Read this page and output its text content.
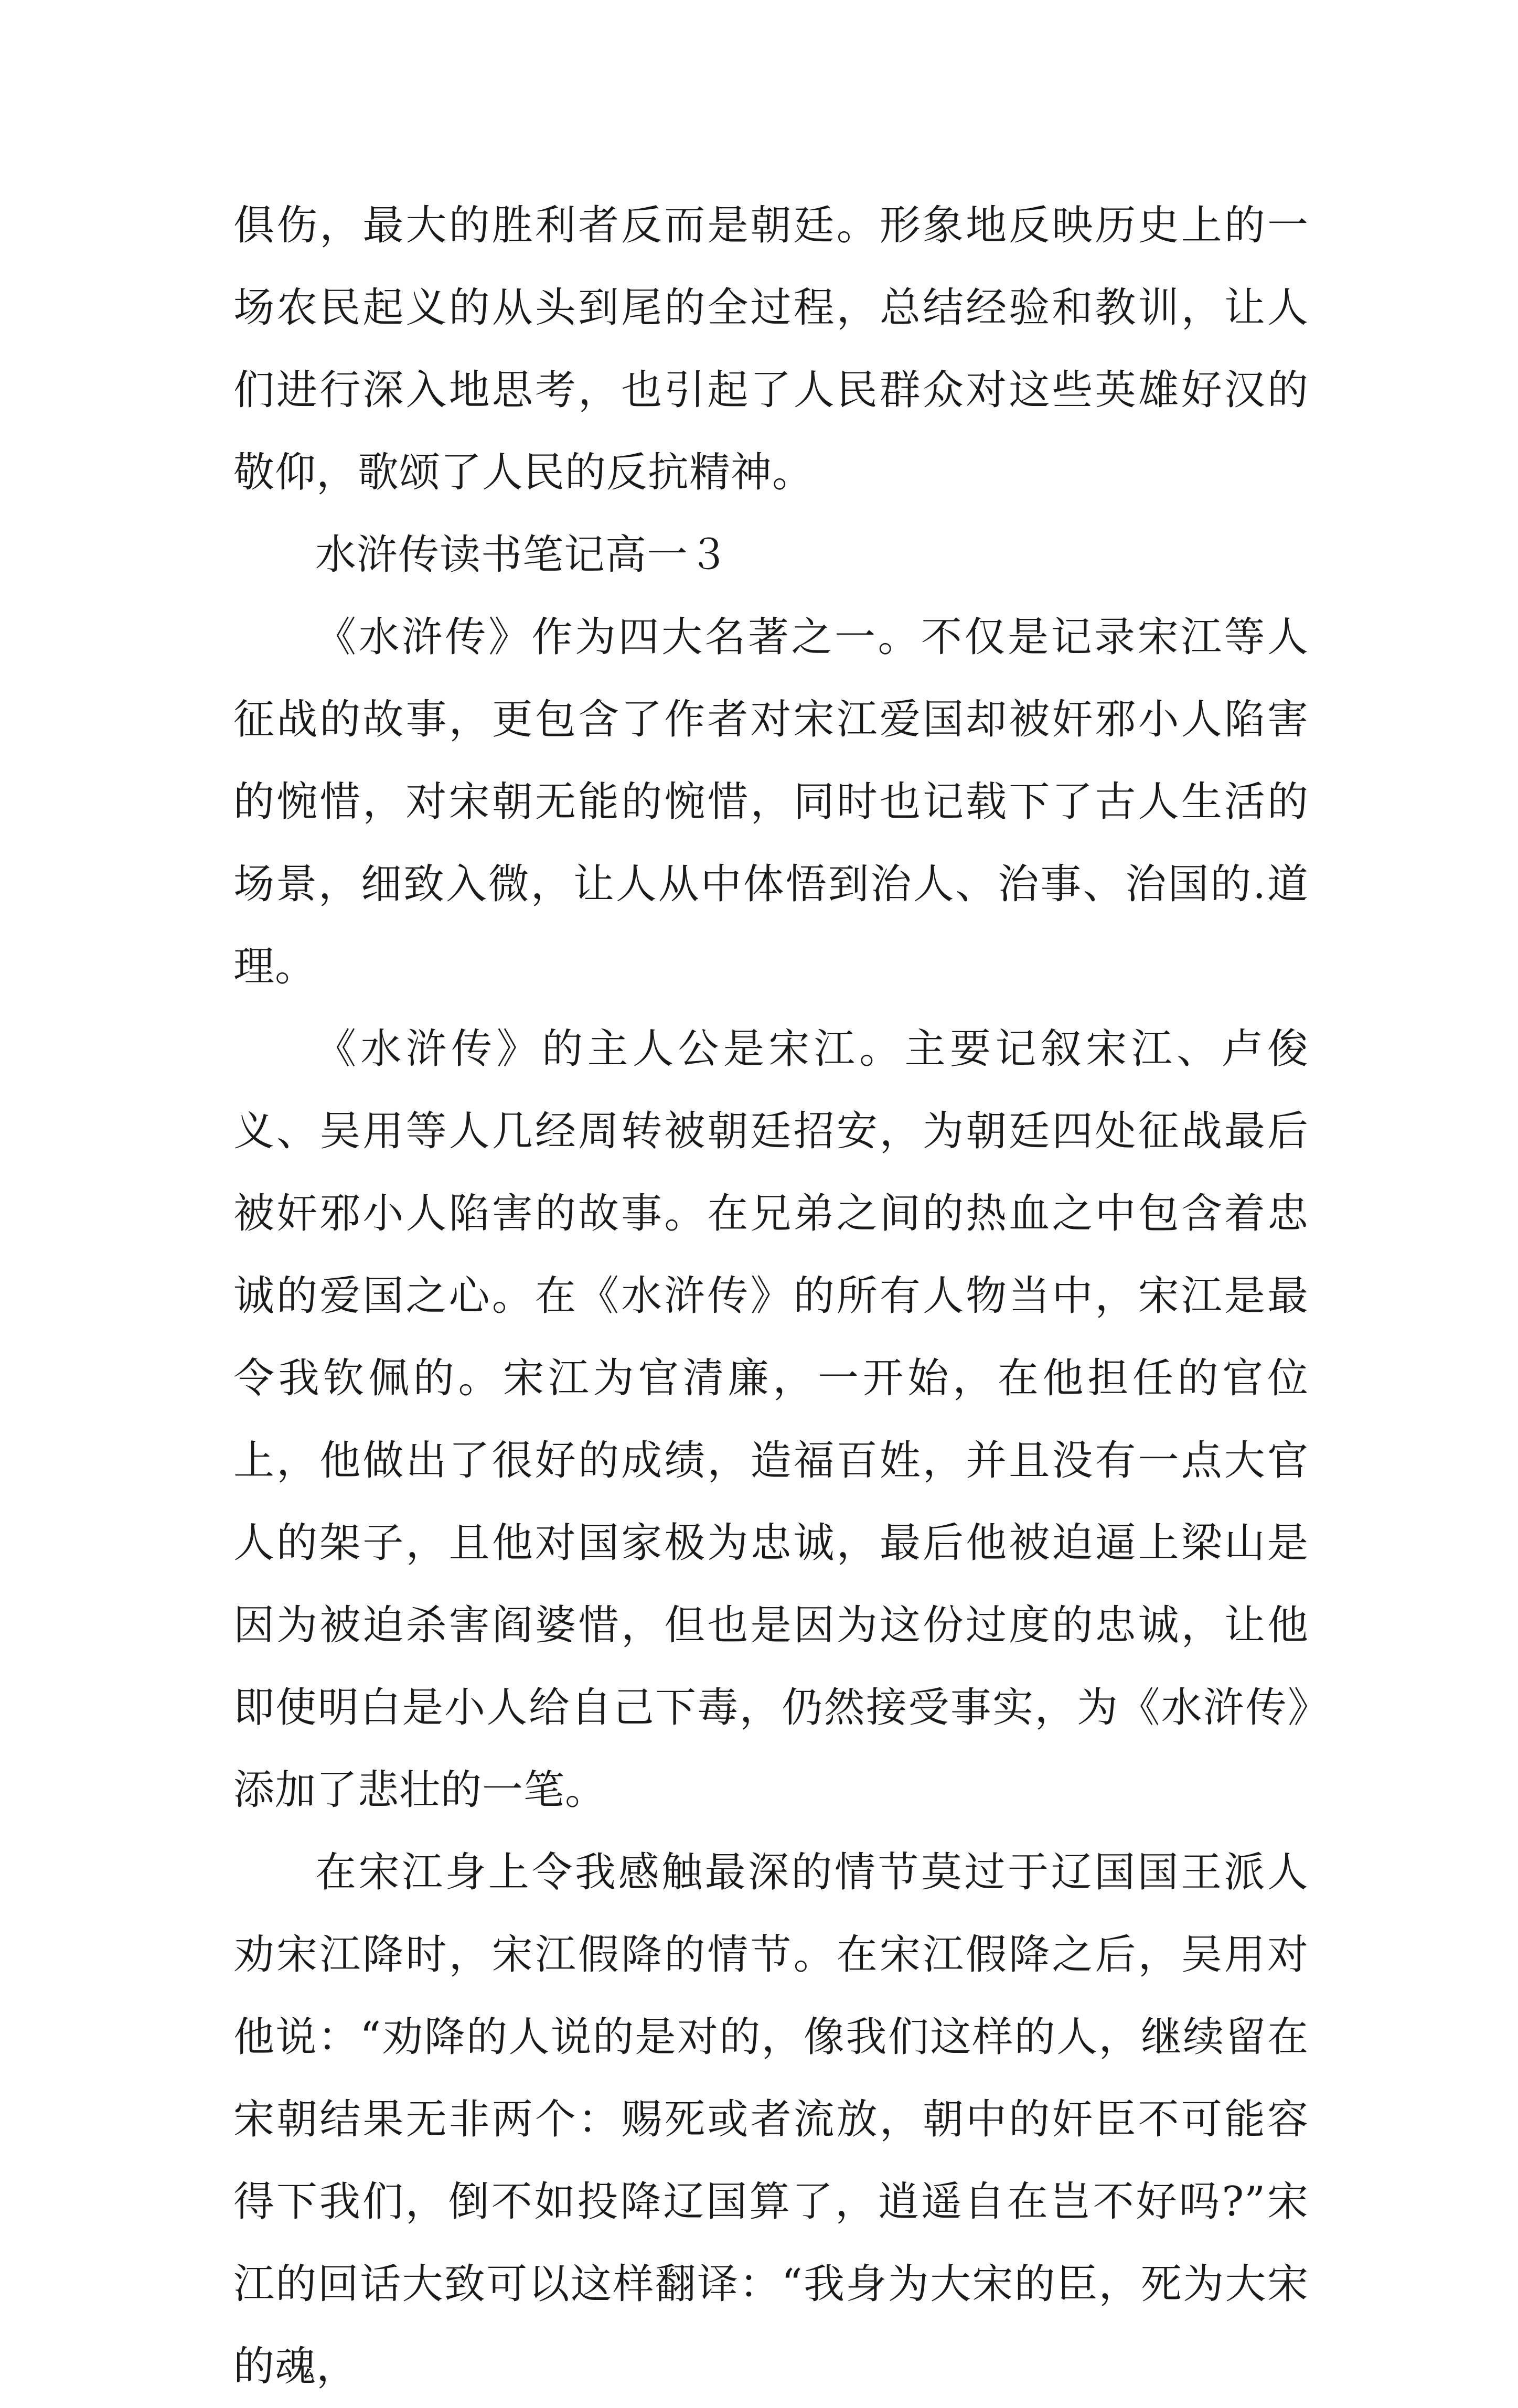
俱伤，最大的胜利者反而是朝廷。形象地反映历史上的一场农民起义的从头到尾的全过程，总结经验和教训，让人们进行深入地思考，也引起了人民群众对这些英雄好汉的敬仰，歌颂了人民的反抗精神。

水浒传读书笔记高一３

《水浒传》作为四大名著之一。不仅是记录宋江等人征战的故事，更包含了作者对宋江爱国却被奸邪小人陷害的惋惜，对宋朝无能的惋惜，同时也记载下了古人生活的场景，细致入微，让人从中体悟到治人、治事、治国的.道理。

《水浒传》的主人公是宋江。主要记叙宋江、卢俊义、吴用等人几经周转被朝廷招安，为朝廷四处征战最后被奸邪小人陷害的故事。在兄弟之间的热血之中包含着忠诚的爱国之心。在《水浒传》的所有人物当中，宋江是最令我钦佩的。宋江为官清廉，一开始，在他担任的官位上，他做出了很好的成绩，造福百姓，并且没有一点大官人的架子，且他对国家极为忠诚，最后他被迫逼上梁山是因为被迫杀害阎婆惜，但也是因为这份过度的忠诚，让他即使明白是小人给自己下毒，仍然接受事实，为《水浒传》添加了悲壮的一笔。

在宋江身上令我感触最深的情节莫过于辽国国王派人劝宋江降时，宋江假降的情节。在宋江假降之后，吴用对他说：“劝降的人说的是对的，像我们这样的人，继续留在宋朝结果无非两个：赐死或者流放，朝中的奸臣不可能容得下我们，倒不如投降辽国算了，逍遥自在岂不好吗?”宋江的回话大致可以这样翻译：“我身为大宋的臣，死为大宋的魂，
